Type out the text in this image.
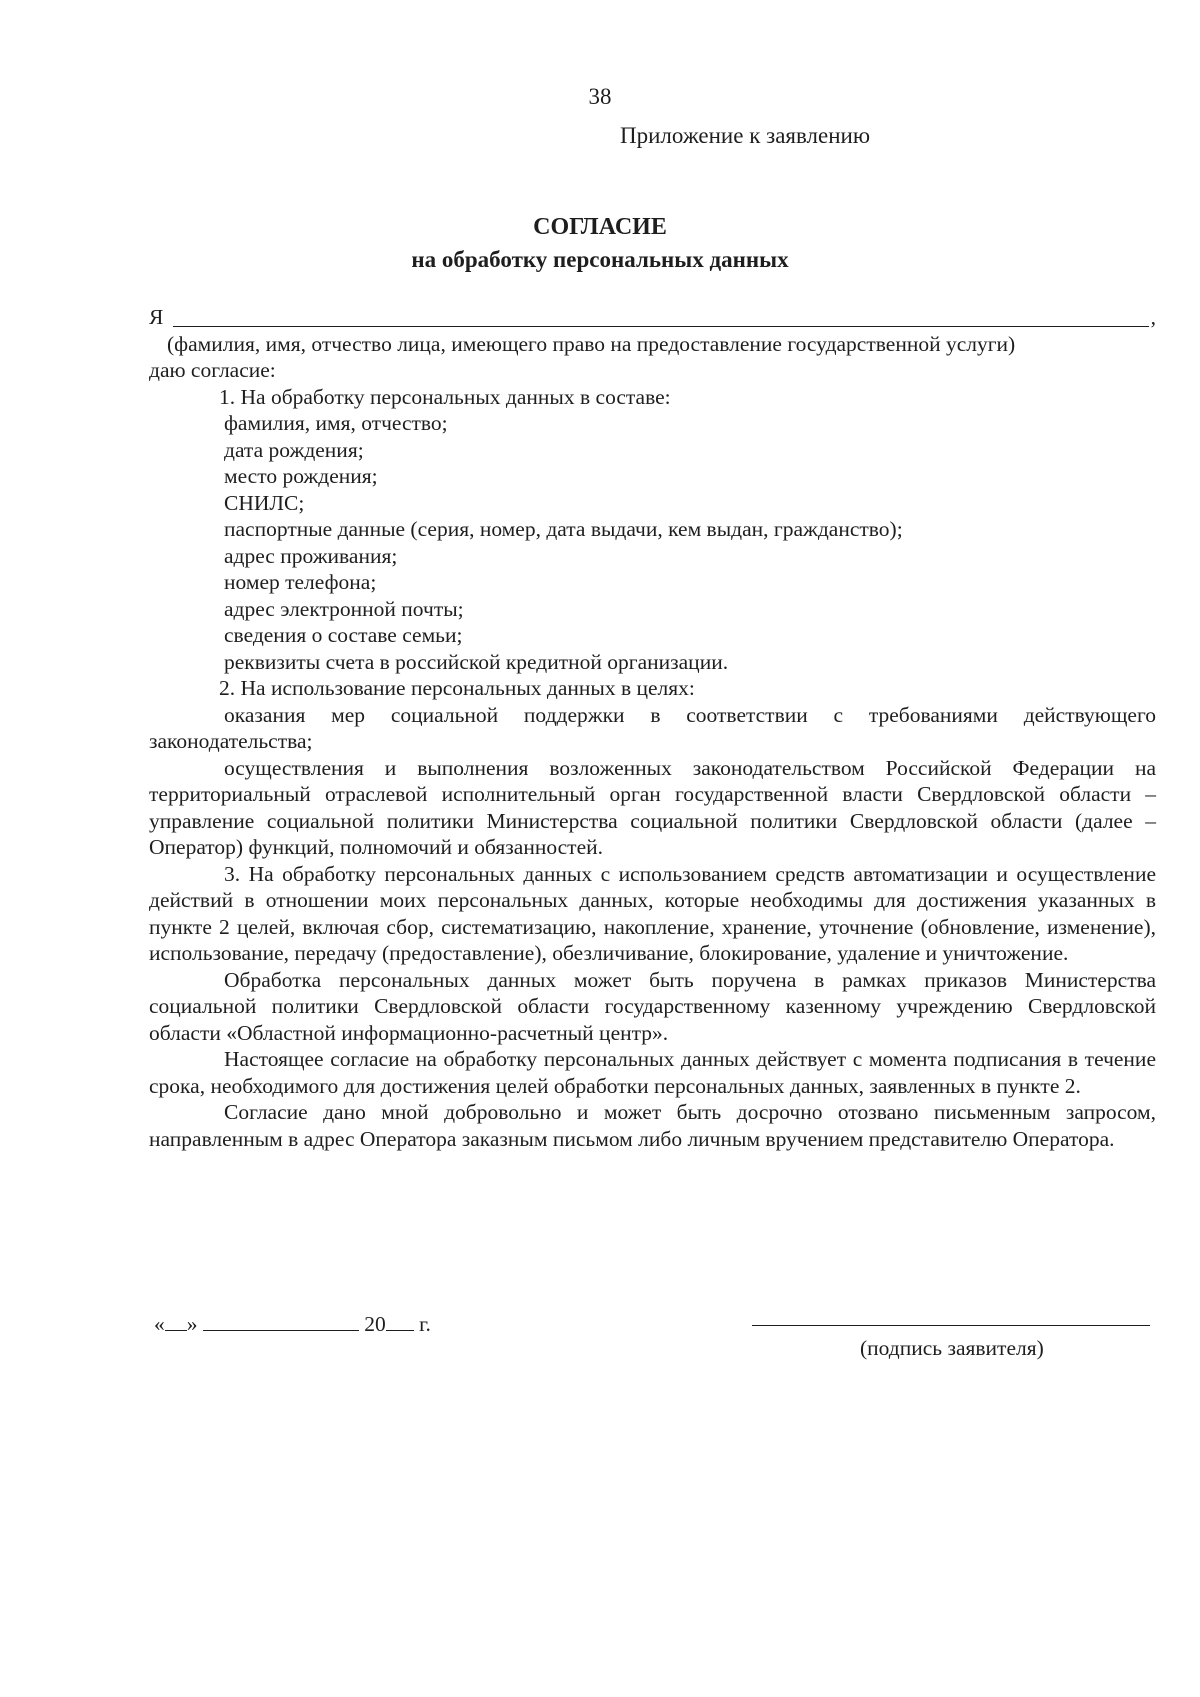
38
Приложение к заявлению
СОГЛАСИЕ
на обработку персональных данных
Я	,

(фамилия, имя, отчество лица, имеющего право на предоставление государственной услуги)

даю согласие:

1. На обработку персональных данных в составе:

фамилия, имя, отчество;

дата рождения;

место рождения;

СНИЛС;

паспортные данные (серия, номер, дата выдачи, кем выдан, гражданство);

адрес проживания;

номер телефона;

адрес электронной почты;

сведения о составе семьи;

реквизиты счета в российской кредитной организации.

2. На использование персональных данных в целях:

оказания мер социальной поддержки в соответствии с требованиями действующего законодательства;

осуществления и выполнения возложенных законодательством Российской Федерации на территориальный отраслевой исполнительный орган государственной власти Свердловской области – управление социальной политики Министерства социальной политики Свердловской области (далее – Оператор) функций, полномочий и обязанностей.

3. На обработку персональных данных с использованием средств автоматизации и осуществление действий в отношении моих персональных данных, которые необходимы для достижения указанных в пункте 2 целей, включая сбор, систематизацию, накопление, хранение, уточнение (обновление, изменение), использование, передачу (предоставление), обезличивание, блокирование, удаление и уничтожение.

Обработка персональных данных может быть поручена в рамках приказов Министерства социальной политики Свердловской области государственному казенному учреждению Свердловской области «Областной информационно-расчетный центр».

Настоящее согласие на обработку персональных данных действует с момента подписания в течение срока, необходимого для достижения целей обработки персональных данных, заявленных в пункте 2.

Согласие дано мной добровольно и может быть досрочно отозвано письменным запросом, направленным в адрес Оператора заказным письмом либо личным вручением представителю Оператора.

« »	20 г.
(подпись заявителя)
